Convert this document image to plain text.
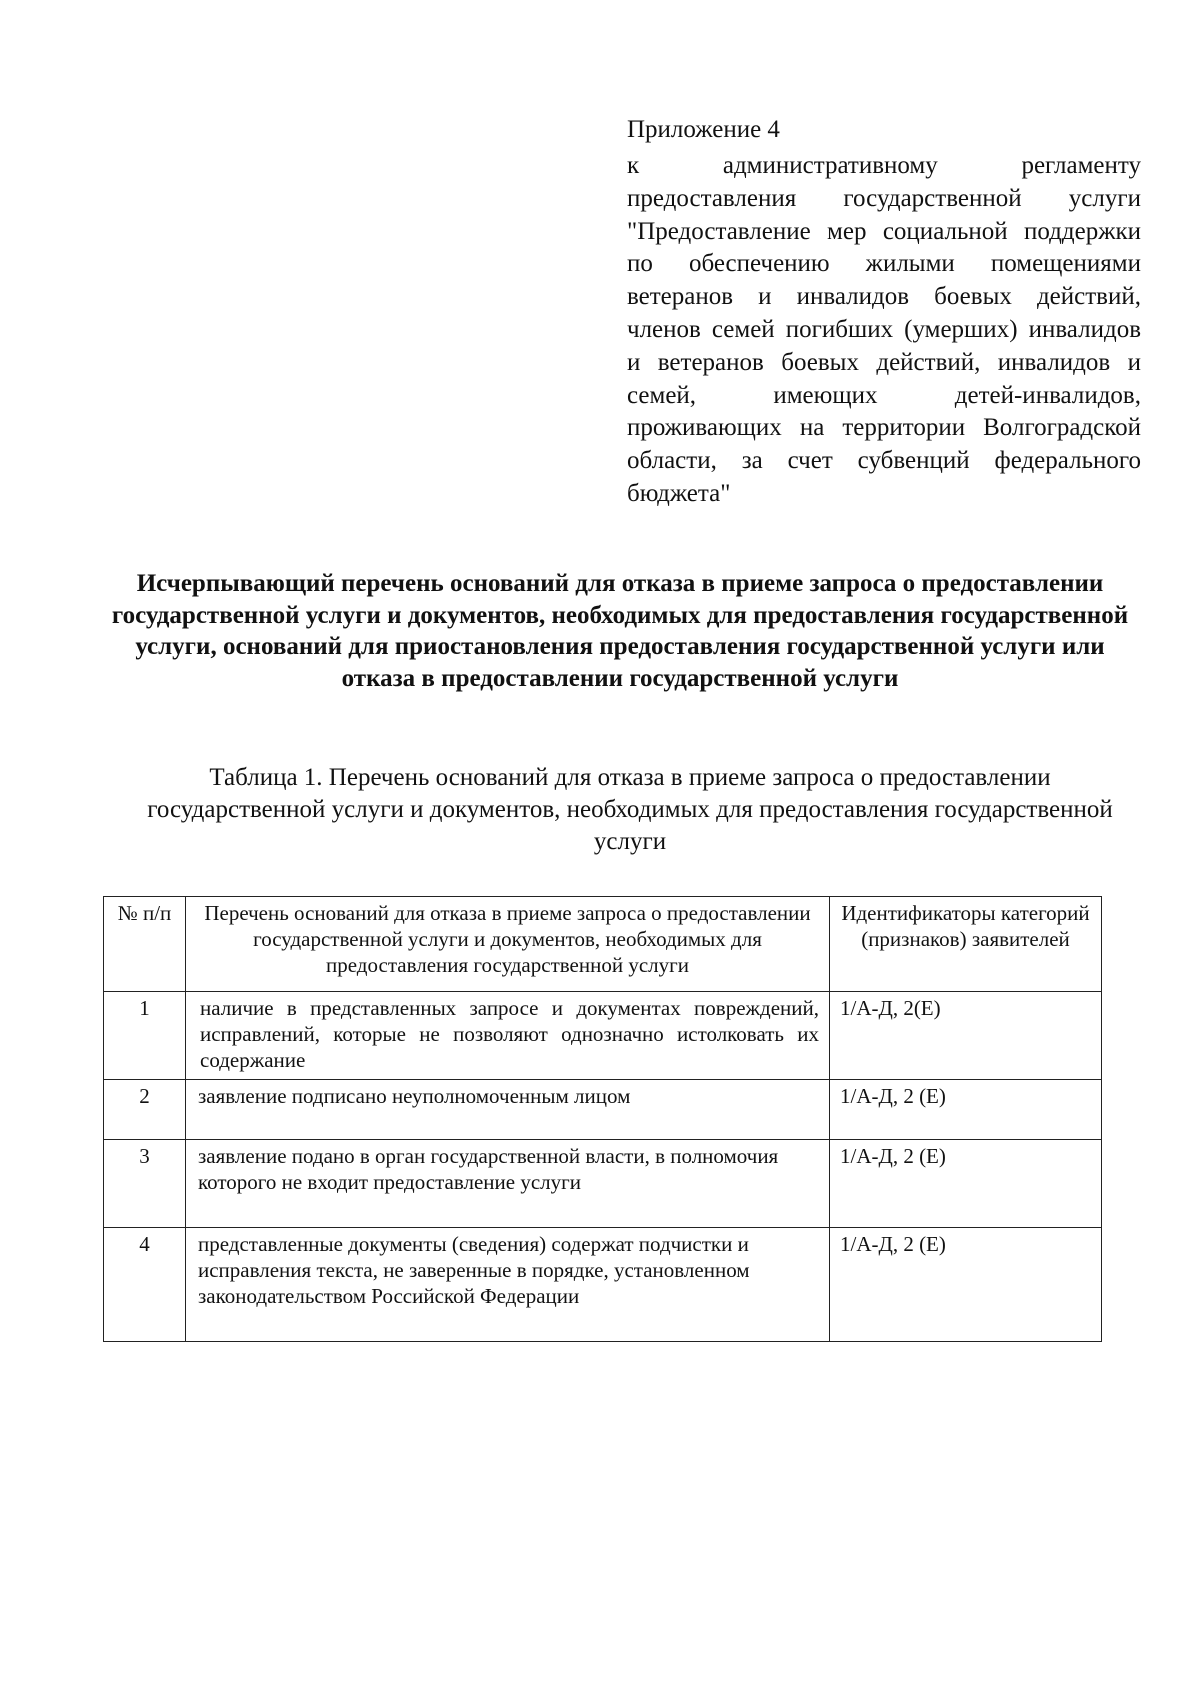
Приложение 4

к административному регламенту предоставления государственной услуги "Предоставление мер социальной поддержки по обеспечению жилыми помещениями ветеранов и инвалидов боевых действий, членов семей погибших (умерших) инвалидов и ветеранов боевых действий, инвалидов и семей, имеющих детей-инвалидов, проживающих на территории Волгоградской области, за счет субвенций федерального бюджета"

Исчерпывающий перечень оснований для отказа в приеме запроса о предоставлении государственной услуги и документов, необходимых для предоставления государственной услуги, оснований для приостановления предоставления государственной услуги или отказа в предоставлении государственной услуги

Таблица 1. Перечень оснований для отказа в приеме запроса о предоставлении государственной услуги и документов, необходимых для предоставления государственной услуги

№ п/п	Перечень оснований для отказа в приеме запроса о предоставлении государственной услуги и документов, необходимых для предоставления государственной услуги	Идентификаторы категорий (признаков) заявителей
1	наличие в представленных запросе и документах повреждений, исправлений, которые не позволяют однозначно истолковать их содержание	1/А-Д, 2(Е)
2	заявление подписано неуполномоченным лицом	1/А-Д, 2 (Е)
3	заявление подано в орган государственной власти, в полномочия которого не входит предоставление услуги	1/А-Д, 2 (Е)
4	представленные документы (сведения) содержат подчистки и исправления текста, не заверенные в порядке, установленном законодательством Российской Федерации	1/А-Д, 2 (Е)
